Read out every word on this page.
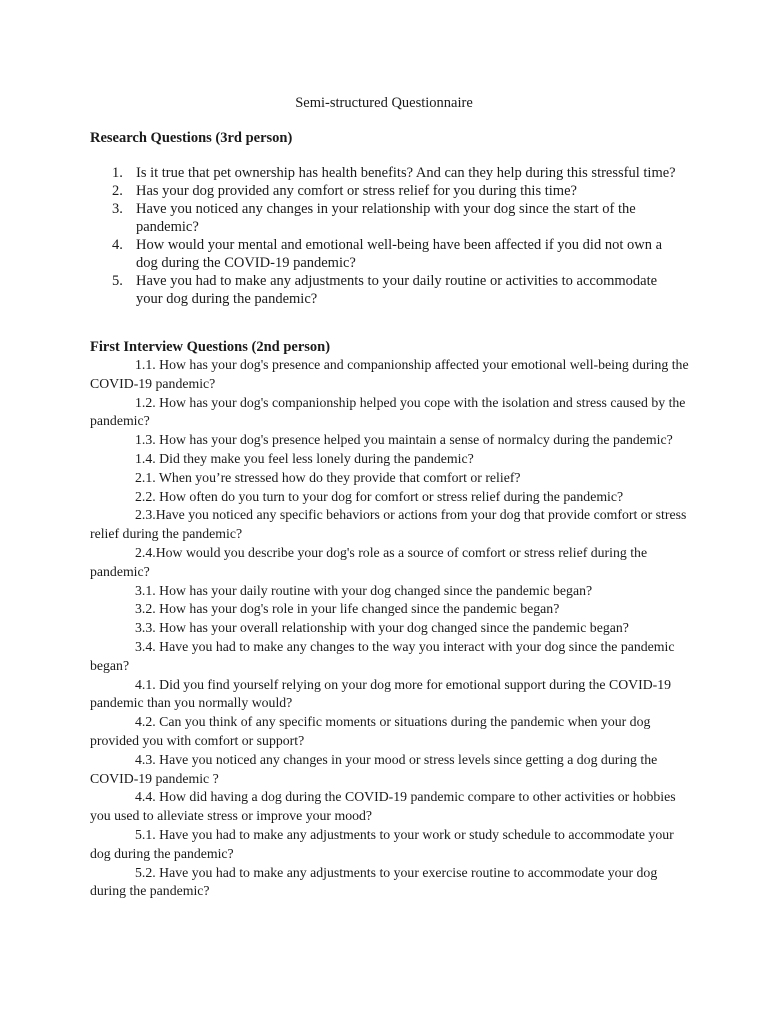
Semi-structured Questionnaire
Research Questions (3rd person)
1. Is it true that pet ownership has health benefits? And can they help during this stressful time?
2. Has your dog provided any comfort or stress relief for you during this time?
3. Have you noticed any changes in your relationship with your dog since the start of the pandemic?
4. How would your mental and emotional well-being have been affected if you did not own a dog during the COVID-19 pandemic?
5. Have you had to make any adjustments to your daily routine or activities to accommodate your dog during the pandemic?
First Interview Questions (2nd person)

1.1. How has your dog's presence and companionship affected your emotional well-being during the COVID-19 pandemic?

1.2. How has your dog's companionship helped you cope with the isolation and stress caused by the pandemic?

1.3. How has your dog's presence helped you maintain a sense of normalcy during the pandemic?

1.4. Did they make you feel less lonely during the pandemic?

2.1. When you’re stressed how do they provide that comfort or relief?

2.2. How often do you turn to your dog for comfort or stress relief during the pandemic?

2.3.Have you noticed any specific behaviors or actions from your dog that provide comfort or stress relief during the pandemic?

2.4.How would you describe your dog's role as a source of comfort or stress relief during the pandemic?

3.1. How has your daily routine with your dog changed since the pandemic began?

3.2. How has your dog's role in your life changed since the pandemic began?

3.3. How has your overall relationship with your dog changed since the pandemic began?

3.4. Have you had to make any changes to the way you interact with your dog since the pandemic began?

4.1. Did you find yourself relying on your dog more for emotional support during the COVID-19 pandemic than you normally would?

4.2. Can you think of any specific moments or situations during the pandemic when your dog provided you with comfort or support?

4.3. Have you noticed any changes in your mood or stress levels since getting a dog during the COVID-19 pandemic ?

4.4. How did having a dog during the COVID-19 pandemic compare to other activities or hobbies you used to alleviate stress or improve your mood?

5.1. Have you had to make any adjustments to your work or study schedule to accommodate your dog during the pandemic?

5.2. Have you had to make any adjustments to your exercise routine to accommodate your dog during the pandemic?
